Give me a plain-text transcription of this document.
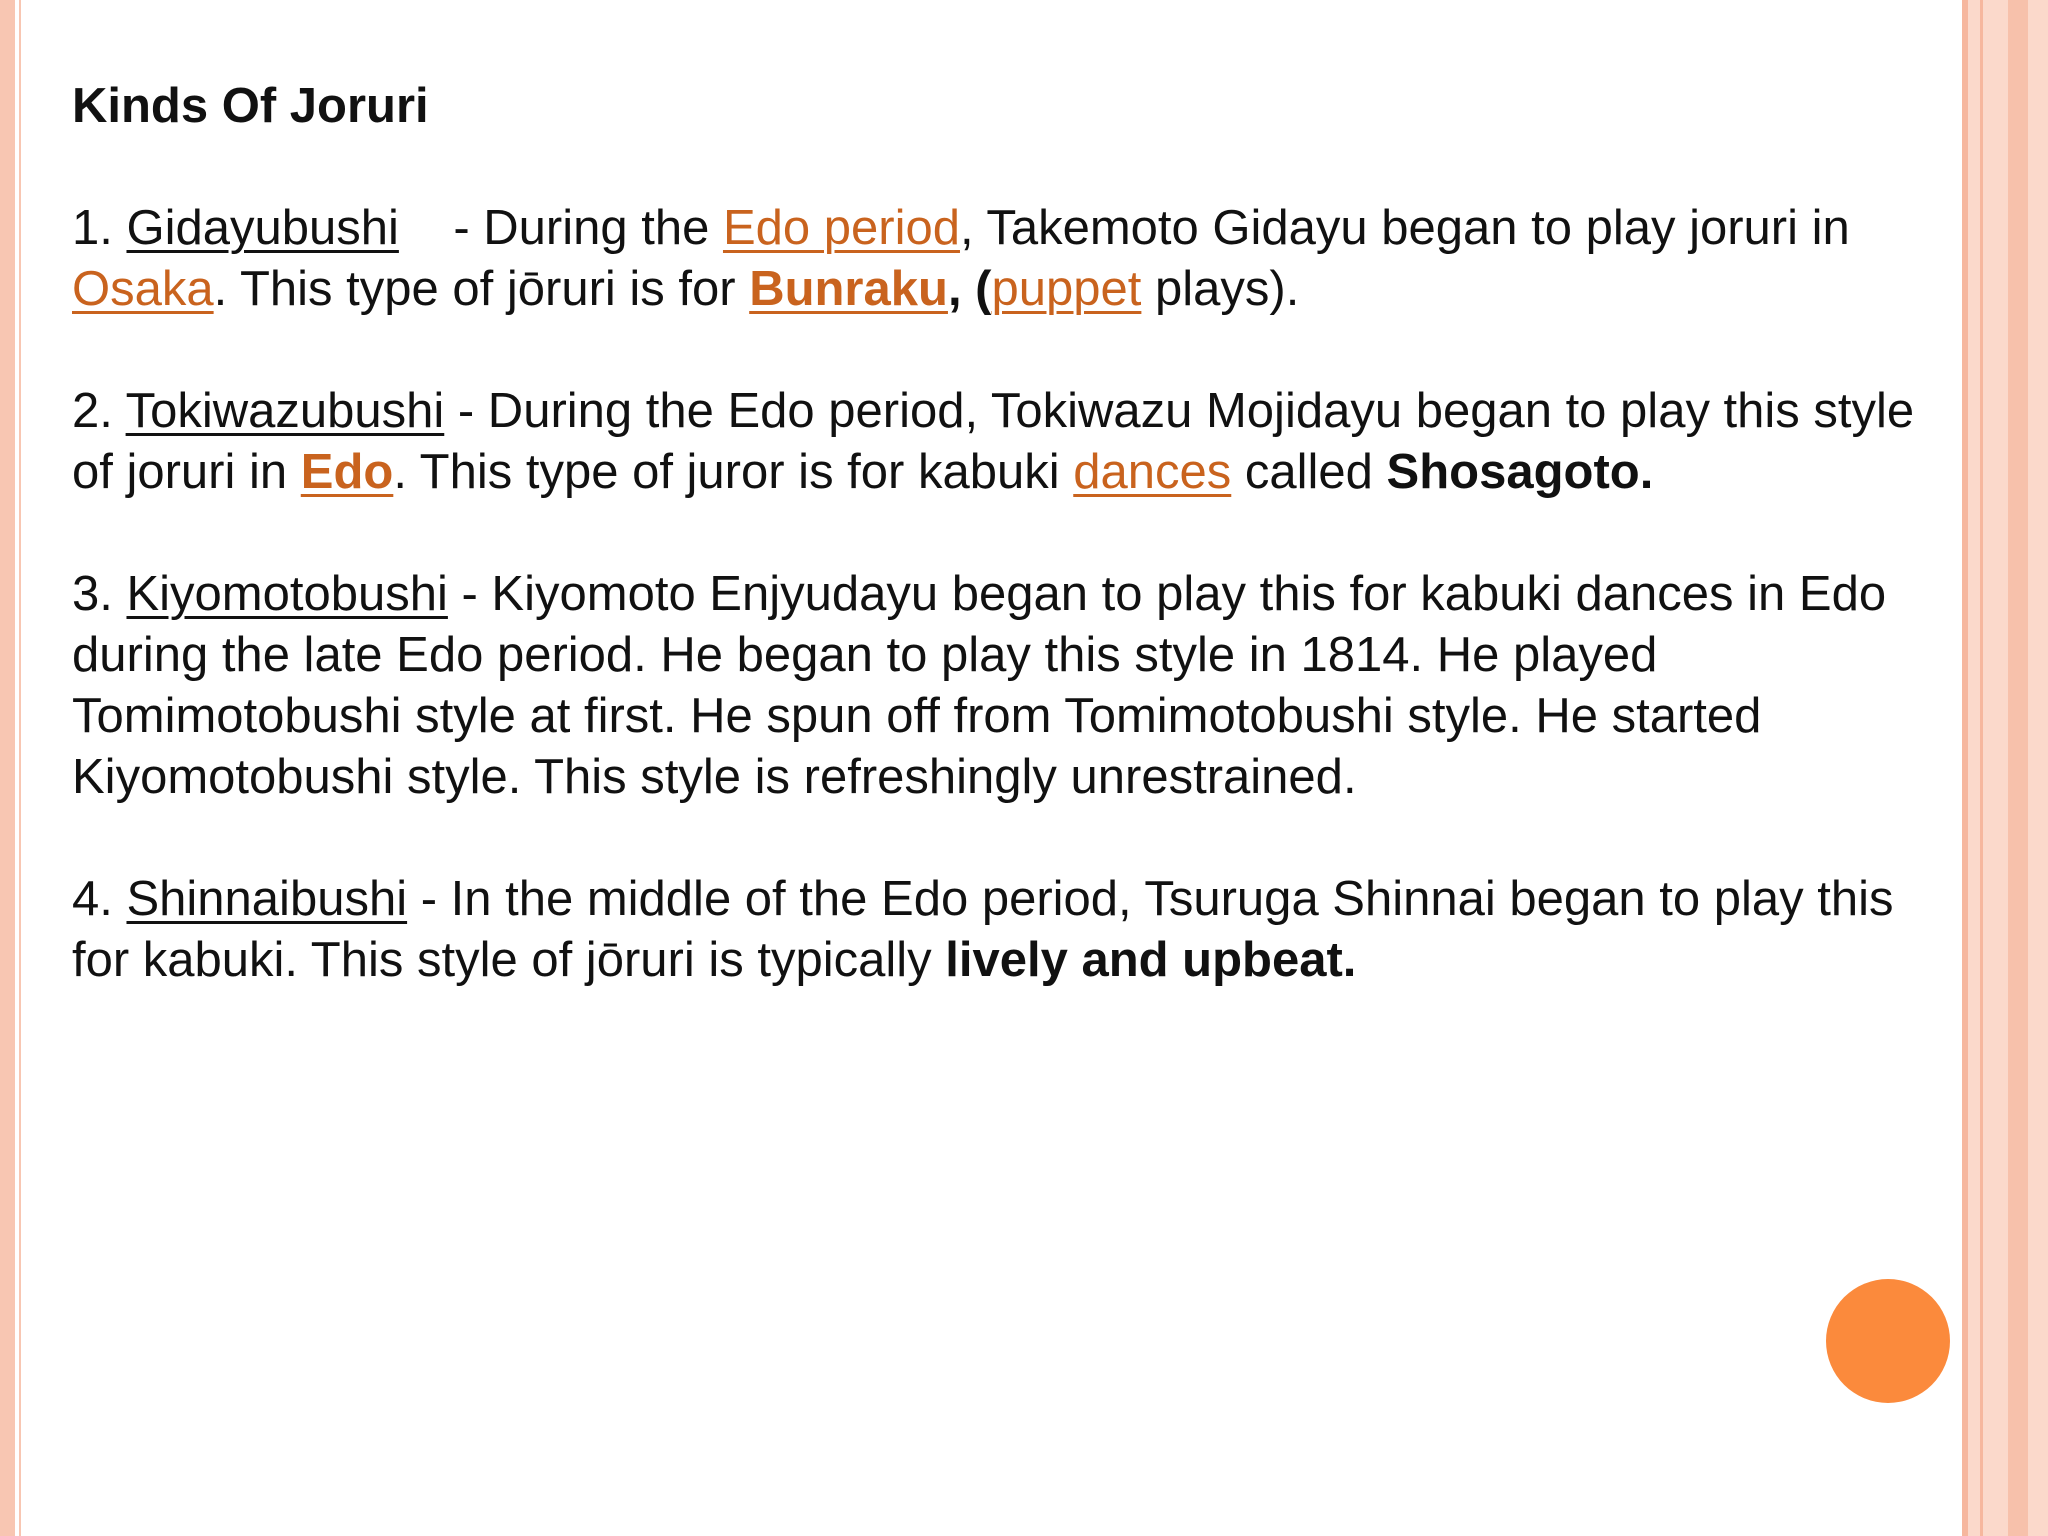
Kinds Of Joruri
1. Gidayubushi    - During the Edo period, Takemoto Gidayu began to play joruri in Osaka. This type of jōruri is for Bunraku, (puppet plays).
2. Tokiwazubushi - During the Edo period, Tokiwazu Mojidayu began to play this style of joruri in Edo. This type of juror is for kabuki dances called Shosagoto.
3. Kiyomotobushi - Kiyomoto Enjyudayu began to play this for kabuki dances in Edo during the late Edo period. He began to play this style in 1814. He played Tomimotobushi style at first. He spun off from Tomimotobushi style. He started Kiyomotobushi style. This style is refreshingly unrestrained.
4. Shinnaibushi - In the middle of the Edo period, Tsuruga Shinnai began to play this for kabuki. This style of jōruri is typically lively and upbeat.
